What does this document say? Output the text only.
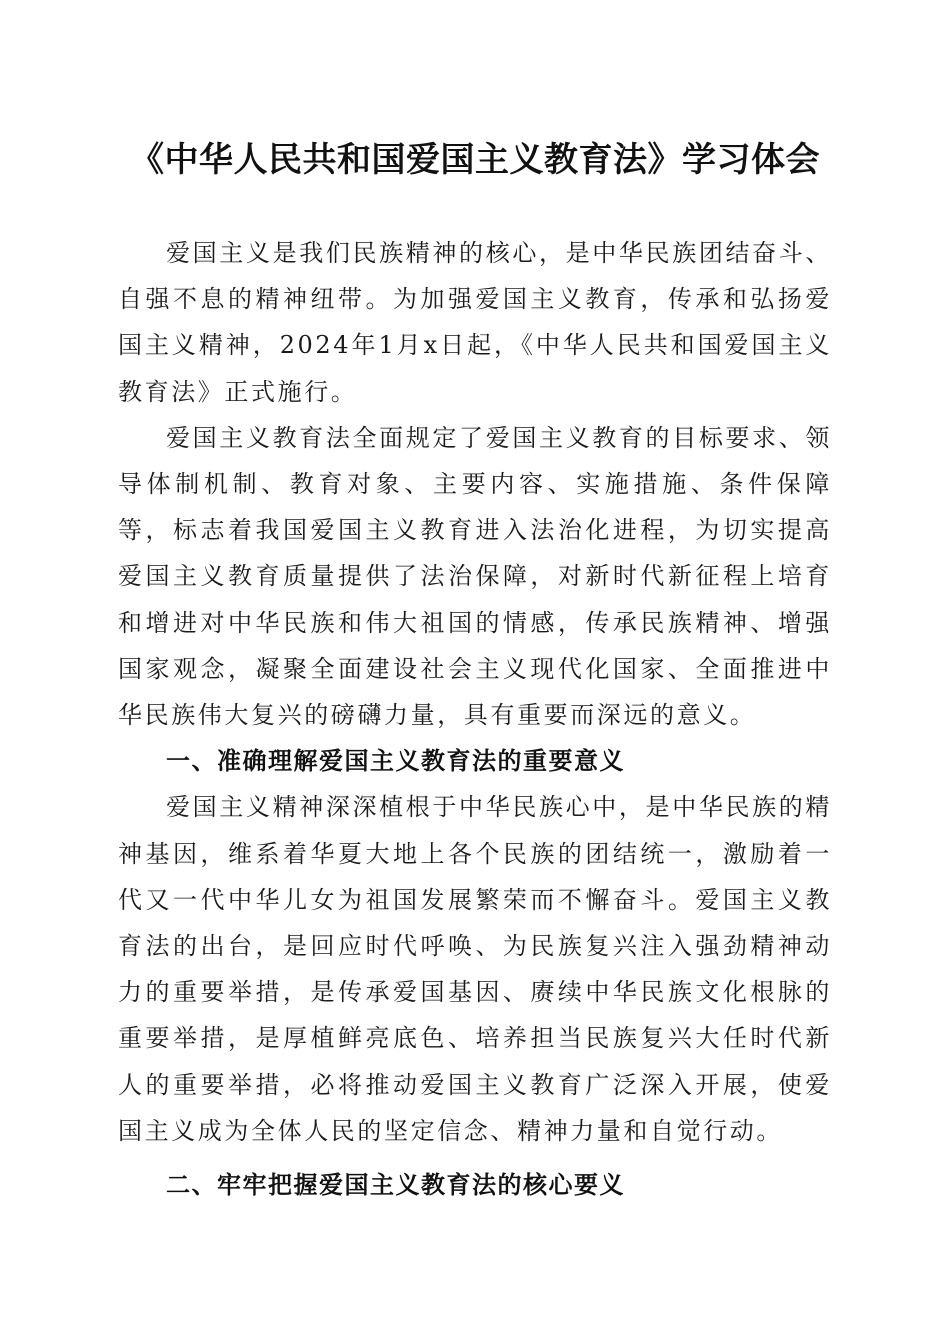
《中华人民共和国爱国主义教育法》学习体会

爱国主义是我们民族精神的核心，是中华民族团结奋斗、自强不息的精神纽带。为加强爱国主义教育，传承和弘扬爱国主义精神，2024年1月x日起，《中华人民共和国爱国主义教育法》正式施行。

爱国主义教育法全面规定了爱国主义教育的目标要求、领导体制机制、教育对象、主要内容、实施措施、条件保障等，标志着我国爱国主义教育进入法治化进程，为切实提高爱国主义教育质量提供了法治保障，对新时代新征程上培育和增进对中华民族和伟大祖国的情感，传承民族精神、增强国家观念，凝聚全面建设社会主义现代化国家、全面推进中华民族伟大复兴的磅礴力量，具有重要而深远的意义。

一、准确理解爱国主义教育法的重要意义

爱国主义精神深深植根于中华民族心中，是中华民族的精神基因，维系着华夏大地上各个民族的团结统一，激励着一代又一代中华儿女为祖国发展繁荣而不懈奋斗。爱国主义教育法的出台，是回应时代呼唤、为民族复兴注入强劲精神动力的重要举措，是传承爱国基因、赓续中华民族文化根脉的重要举措，是厚植鲜亮底色、培养担当民族复兴大任时代新人的重要举措，必将推动爱国主义教育广泛深入开展，使爱国主义成为全体人民的坚定信念、精神力量和自觉行动。

二、牢牢把握爱国主义教育法的核心要义
